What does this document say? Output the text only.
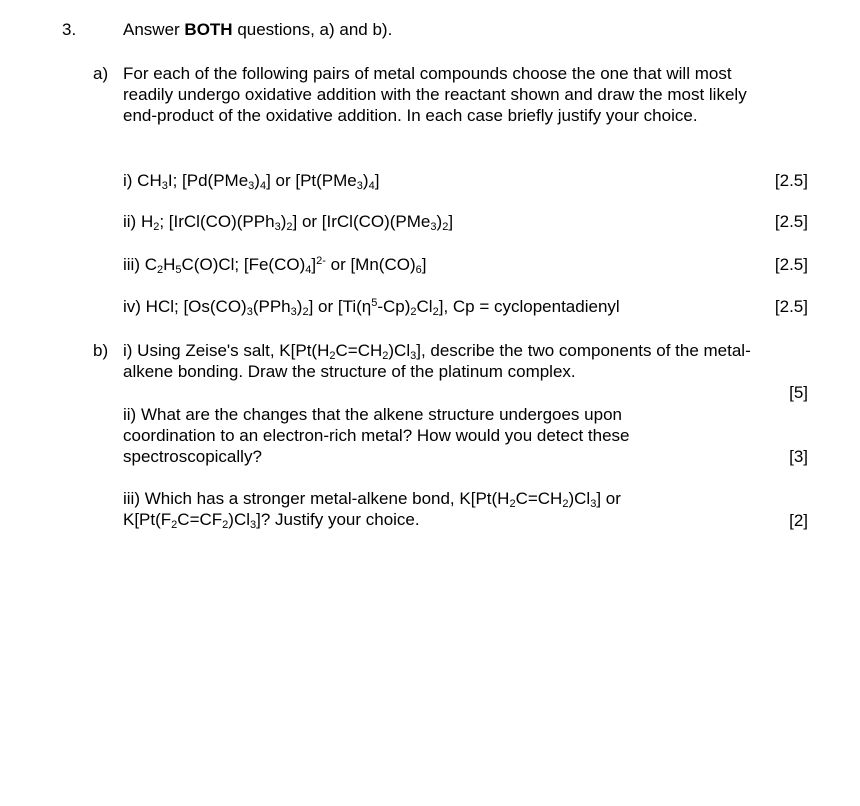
3.	Answer BOTH questions, a) and b).
a) For each of the following pairs of metal compounds choose the one that will most readily undergo oxidative addition with the reactant shown and draw the most likely end-product of the oxidative addition. In each case briefly justify your choice.
i) $CH_3I$; $[Pd(PMe_3)_4]$ or $[Pt(PMe_3)_4]$	[2.5]
ii) $H_2$; $[IrCl(CO)(PPh_3)_2]$ or $[IrCl(CO)(PMe_3)_2]$	[2.5]
iii) $C_2H_5C(O)Cl$; $[Fe(CO)_4]^{2-}$ or $[Mn(CO)_6]$	[2.5]
iv) HCl; $[Os(CO)_3(PPh_3)_2]$ or $[Ti(\eta^5-Cp)_2Cl_2]$, Cp = cyclopentadienyl	[2.5]
b) i) Using Zeise's salt, $K[Pt(H_2C=CH_2)Cl_3]$, describe the two components of the metal-alkene bonding. Draw the structure of the platinum complex.
[5]
ii) What are the changes that the alkene structure undergoes upon coordination to an electron-rich metal? How would you detect these spectroscopically?	[3]
iii) Which has a stronger metal-alkene bond, $K[Pt(H_2C=CH_2)Cl_3]$ or $K[Pt(F_2C=CF_2)Cl_3]$? Justify your choice.	[2]
